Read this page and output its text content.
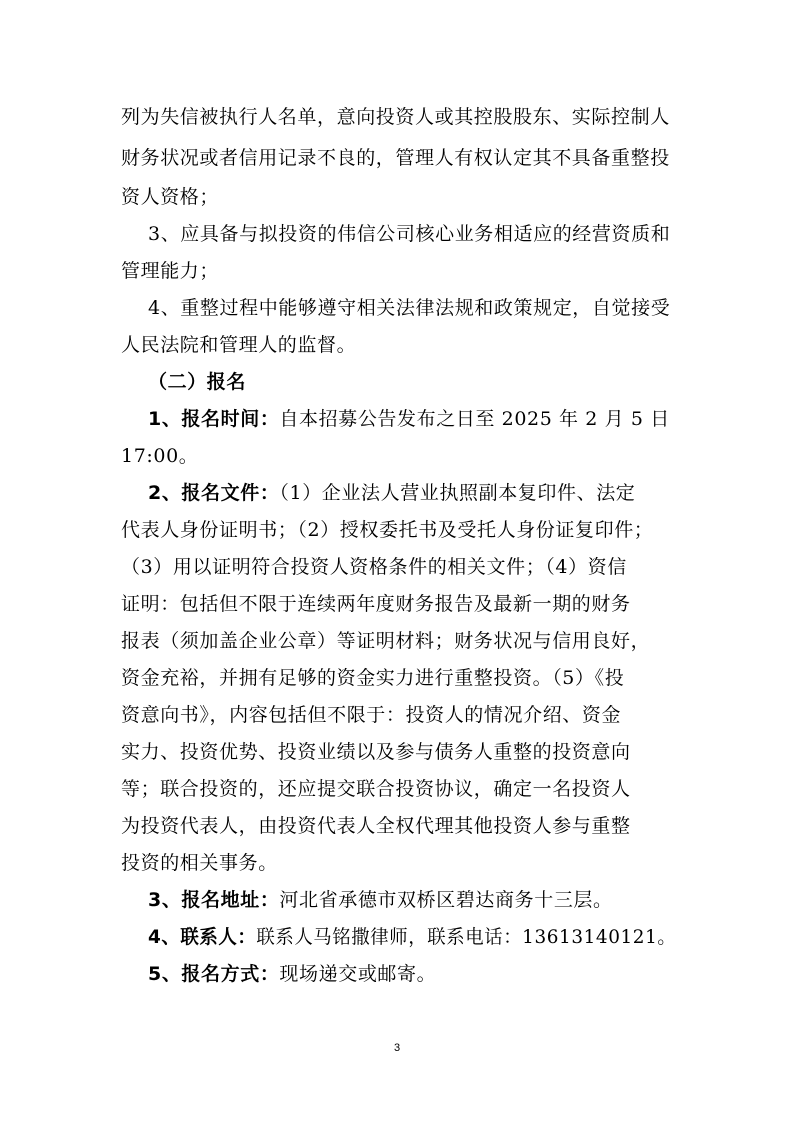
列为失信被执行人名单，意向投资人或其控股股东、实际控制人
财务状况或者信用记录不良的，管理人有权认定其不具备重整投
资人资格；
3、应具备与拟投资的伟信公司核心业务相适应的经营资质和
管理能力；
4、重整过程中能够遵守相关法律法规和政策规定，自觉接受
人民法院和管理人的监督。
（二）报名
1、报名时间：自本招募公告发布之日至 2025 年 2 月 5 日
17:00。
2、报名文件：（1）企业法人营业执照副本复印件、法定
代表人身份证明书；（2）授权委托书及受托人身份证复印件；
（3）用以证明符合投资人资格条件的相关文件；（4）资信
证明：包括但不限于连续两年度财务报告及最新一期的财务
报表（须加盖企业公章）等证明材料；财务状况与信用良好，
资金充裕，并拥有足够的资金实力进行重整投资。（5）《投
资意向书》，内容包括但不限于：投资人的情况介绍、资金
实力、投资优势、投资业绩以及参与债务人重整的投资意向
等；联合投资的，还应提交联合投资协议，确定一名投资人
为投资代表人，由投资代表人全权代理其他投资人参与重整
投资的相关事务。
3、报名地址：河北省承德市双桥区碧达商务十三层。
4、联系人：联系人马铭撒律师，联系电话：13613140121。
5、报名方式：现场递交或邮寄。
3
